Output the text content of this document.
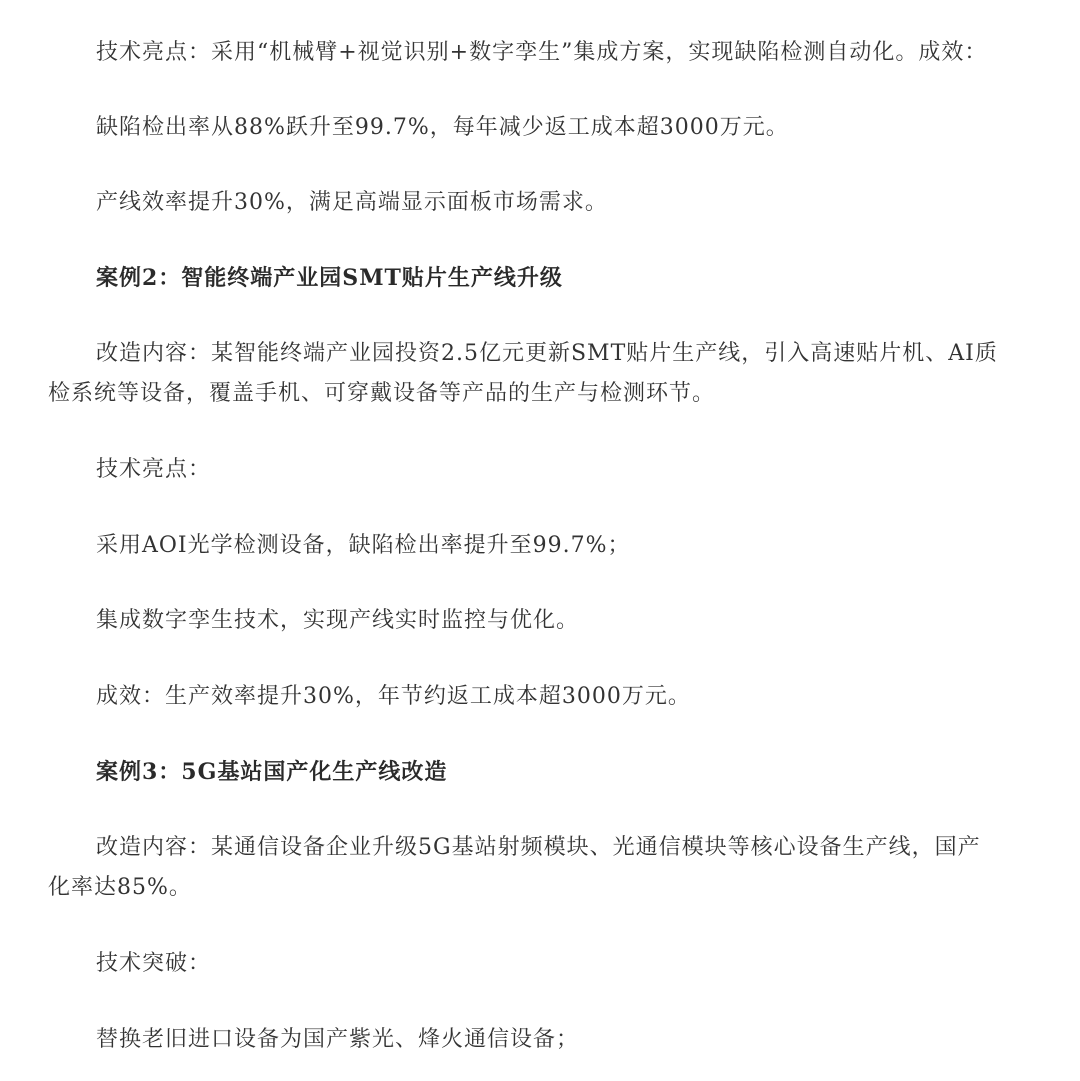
技术亮点：采用“机械臂+视觉识别+数字孪生”集成方案，实现缺陷检测自动化。成效：
缺陷检出率从88%跃升至99.7%，每年减少返工成本超3000万元。
产线效率提升30%，满足高端显示面板市场需求。
案例2：智能终端产业园SMT贴片生产线升级
改造内容：某智能终端产业园投资2.5亿元更新SMT贴片生产线，引入高速贴片机、AI质
检系统等设备，覆盖手机、可穿戴设备等产品的生产与检测环节。
技术亮点：
采用AOI光学检测设备，缺陷检出率提升至99.7%；
集成数字孪生技术，实现产线实时监控与优化。
成效：生产效率提升30%，年节约返工成本超3000万元。
案例3：5G基站国产化生产线改造
改造内容：某通信设备企业升级5G基站射频模块、光通信模块等核心设备生产线，国产
化率达85%。
技术突破：
替换老旧进口设备为国产紫光、烽火通信设备；
